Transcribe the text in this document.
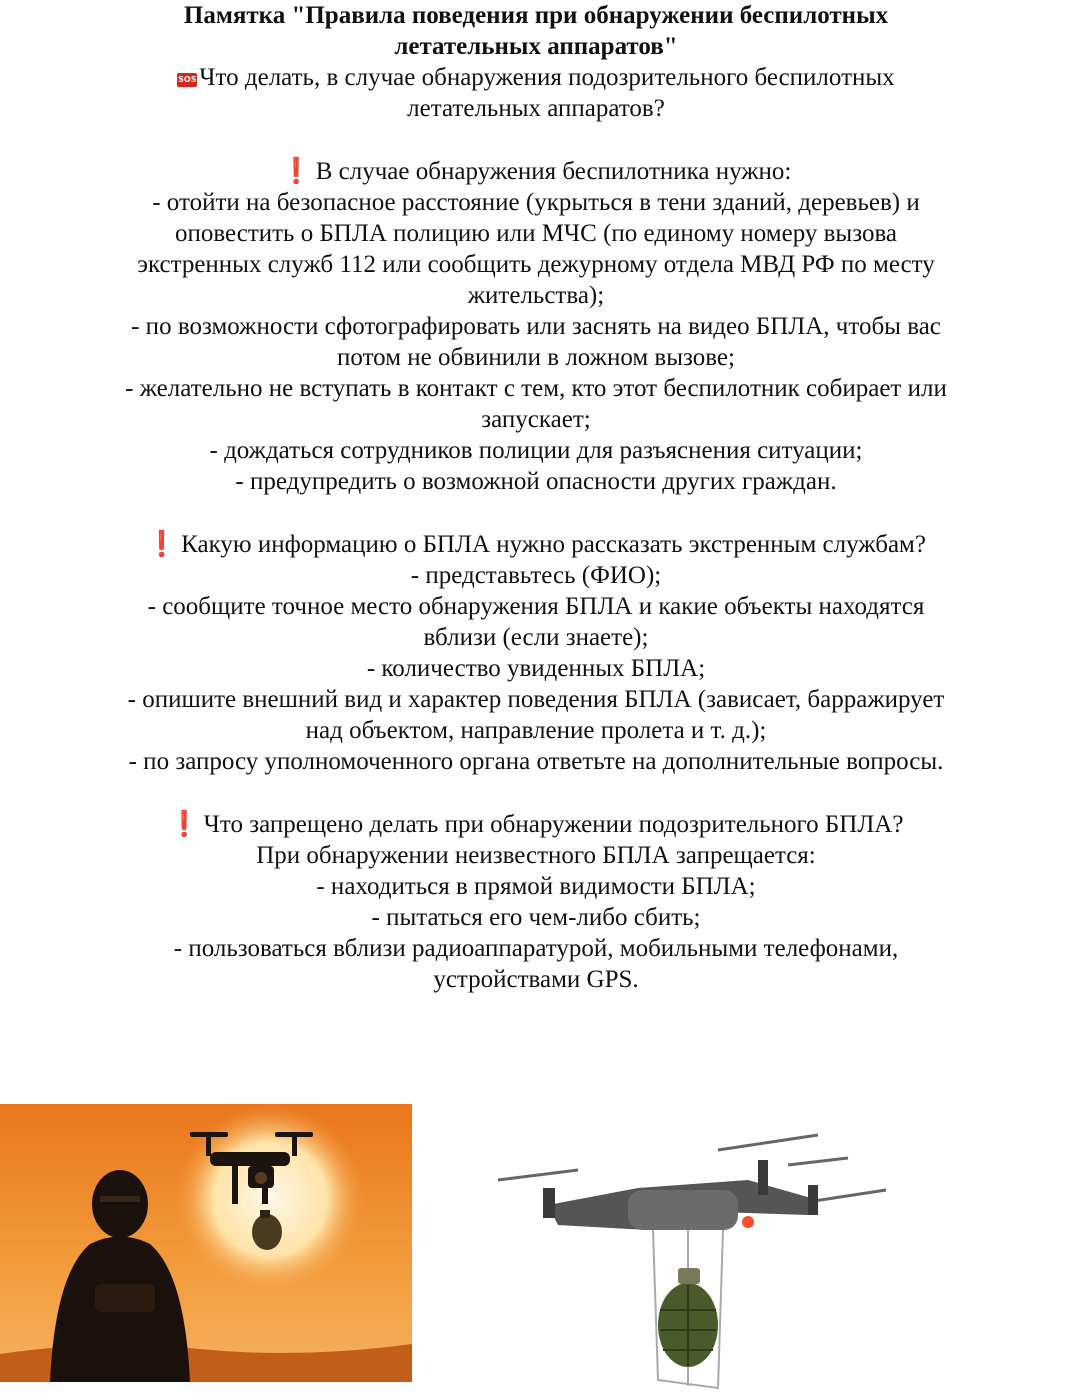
Памятка "Правила поведения при обнаружении беспилотных

летательных аппаратов"

SOS Что делать, в случае обнаружения подозрительного беспилотных

летательных аппаратов?

❗ В случае обнаружения беспилотника нужно:

- отойти на безопасное расстояние (укрыться в тени зданий, деревьев) и

оповестить о БПЛА полицию или МЧС (по единому номеру вызова

экстренных служб 112 или сообщить дежурному отдела МВД РФ по месту

жительства);

- по возможности сфотографировать или заснять на видео БПЛА, чтобы вас

потом не обвинили в ложном вызове;

- желательно не вступать в контакт с тем, кто этот беспилотник собирает или

запускает;

- дождаться сотрудников полиции для разъяснения ситуации;

- предупредить о возможной опасности других граждан.

❗ Какую информацию о БПЛА нужно рассказать экстренным службам?

- представьтесь (ФИО);

- сообщите точное место обнаружения БПЛА и какие объекты находятся

вблизи (если знаете);

- количество увиденных БПЛА;

- опишите внешний вид и характер поведения БПЛА (зависает, барражирует

над объектом, направление пролета и т. д.);

- по запросу уполномоченного органа ответьте на дополнительные вопросы.

❗ Что запрещено делать при обнаружении подозрительного БПЛА?

При обнаружении неизвестного БПЛА запрещается:

- находиться в прямой видимости БПЛА;

- пытаться его чем-либо сбить;

- пользоваться вблизи радиоаппаратурой, мобильными телефонами,

устройствами GPS.
